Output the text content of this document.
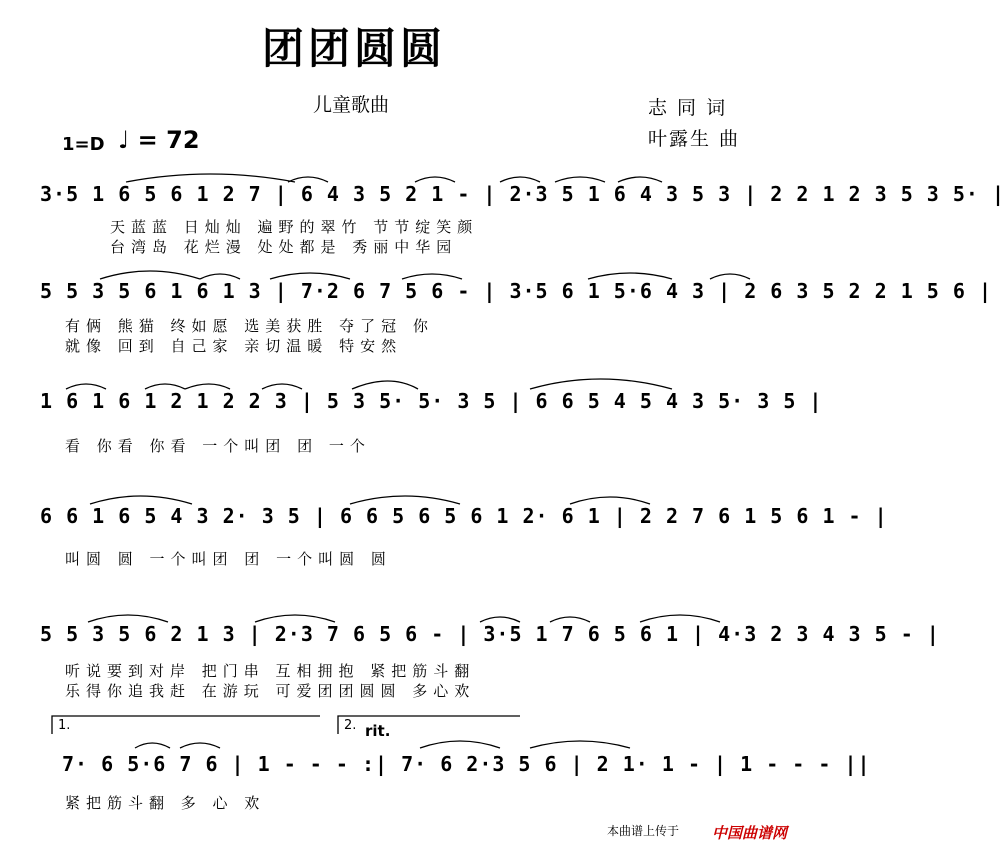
团团圆圆
儿童歌曲	志 同 词
叶露生 曲
1=D ♩ = 72
3·5 1 6 5 6 1 2 7 | 6 4 3 5 2 1 - | 2·3 5 1 6 4 3 5 3 | 2 2 1 2 3 5 3 5· |
天蓝蓝 日灿灿 遍野的翠竹 节节绽笑颜
台湾岛 花烂漫 处处都是 秀丽中华园
5 5 3 5 6 1 6 1 3 | 7·2 6 7 5 6 - | 3·5 6 1 5·6 4 3 | 2 6 3 5 2 2 1 5 6 |
有俩 熊猫 终如愿 选美获胜 夺了冠 你
就像 回到 自己家 亲切温暖 特安然
1 6 1 6 1 2 1 2 2 3 | 5 3 5· 5· 3 5 | 6 6 5 4 5 4 3 5· 3 5 |
看 你看 你看 一个叫团 团 一个
6 6 1 6 5 4 3 2· 3 5 | 6 6 5 6 5 6 1 2· 6 1 | 2 2 7 6 1 5 6 1 - |
叫圆 圆 一个叫团 团 一个叫圆 圆
5 5 3 5 6 2 1 3 | 2·3 7 6 5 6 - | 3·5 1 7 6 5 6 1 | 4·3 2 3 4 3 5 - |
听说要到对岸 把门串 互相拥抱 紧把筋斗翻
乐得你追我赶 在游玩 可爱团团圆圆 多心欢
1.	2. rit.
7· 6 5·6 7 6 | 1 - - - :| 7· 6 2·3 5 6 | 2 1· 1 - | 1 - - - ||
紧把筋斗翻 多 心 欢
本曲谱上传于 中国曲谱网
